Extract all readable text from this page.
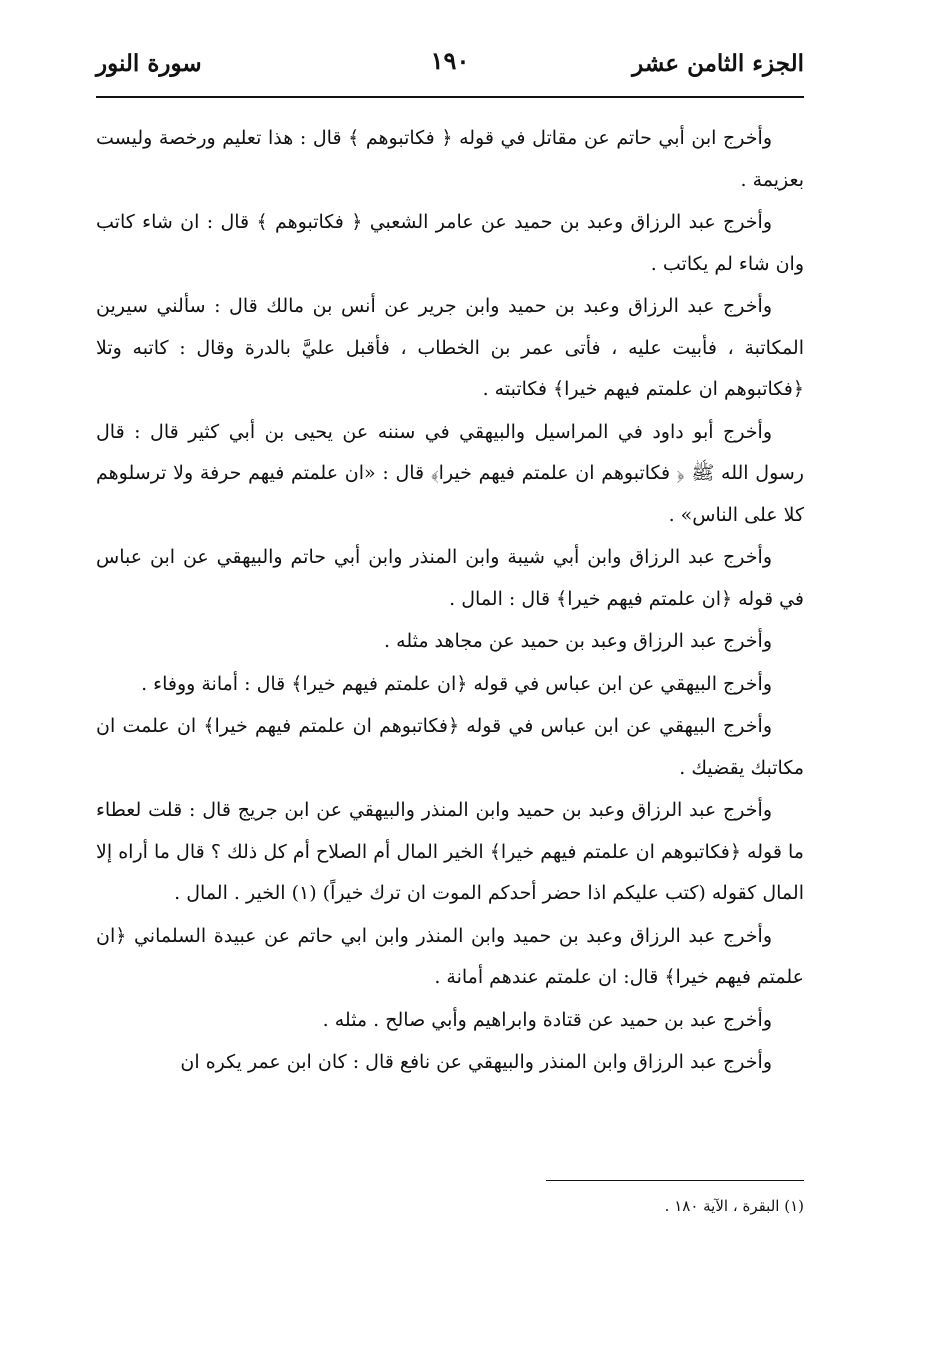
الجزء الثامن عشر
١٩٠
سورة النور

وأخرج ابن أبي حاتم عن مقاتل في قوله ﴿ فكاتبوهم ﴾ قال : هذا تعليم ورخصة وليست بعزيمة .

وأخرج عبد الرزاق وعبد بن حميد عن عامر الشعبي ﴿ فكاتبوهم ﴾ قال : ان شاء كاتب وان شاء لم يكاتب .

وأخرج عبد الرزاق وعبد بن حميد وابن جرير عن أنس بن مالك قال : سألني سيرين المكاتبة ، فأبيت عليه ، فأتى عمر بن الخطاب ، فأقبل عليَّ بالدرة وقال : كاتبه وتلا ﴿فكاتبوهم ان علمتم فيهم خيرا﴾ فكاتبته .

وأخرج أبو داود في المراسيل والبيهقي في سننه عن يحيى بن أبي كثير قال : قال رسول الله ﷺ ﴿ فكاتبوهم ان علمتم فيهم خيرا﴾ قال : «ان علمتم فيهم حرفة ولا ترسلوهم كلا على الناس» .

وأخرج عبد الرزاق وابن أبي شيبة وابن المنذر وابن أبي حاتم والبيهقي عن ابن عباس في قوله ﴿ان علمتم فيهم خيرا﴾ قال : المال .

وأخرج عبد الرزاق وعبد بن حميد عن مجاهد مثله .

وأخرج البيهقي عن ابن عباس في قوله ﴿ان علمتم فيهم خيرا﴾ قال : أمانة ووفاء .

وأخرج البيهقي عن ابن عباس في قوله ﴿فكاتبوهم ان علمتم فيهم خيرا﴾ ان علمت ان مكاتبك يقضيك .

وأخرج عبد الرزاق وعبد بن حميد وابن المنذر والبيهقي عن ابن جريج قال : قلت لعطاء ما قوله ﴿فكاتبوهم ان علمتم فيهم خيرا﴾ الخير المال أم الصلاح أم كل ذلك ؟ قال ما أراه إلا المال كقوله (كتب عليكم اذا حضر أحدكم الموت ان ترك خيراً) (١) الخير . المال .

وأخرج عبد الرزاق وعبد بن حميد وابن المنذر وابن ابي حاتم عن عبيدة السلماني ﴿ان علمتم فيهم خيرا﴾ قال: ان علمتم عندهم أمانة .

وأخرج عبد بن حميد عن قتادة وابراهيم وأبي صالح . مثله .

وأخرج عبد الرزاق وابن المنذر والبيهقي عن نافع قال : كان ابن عمر يكره ان

(١) البقرة ، الآية ١٨٠ .
